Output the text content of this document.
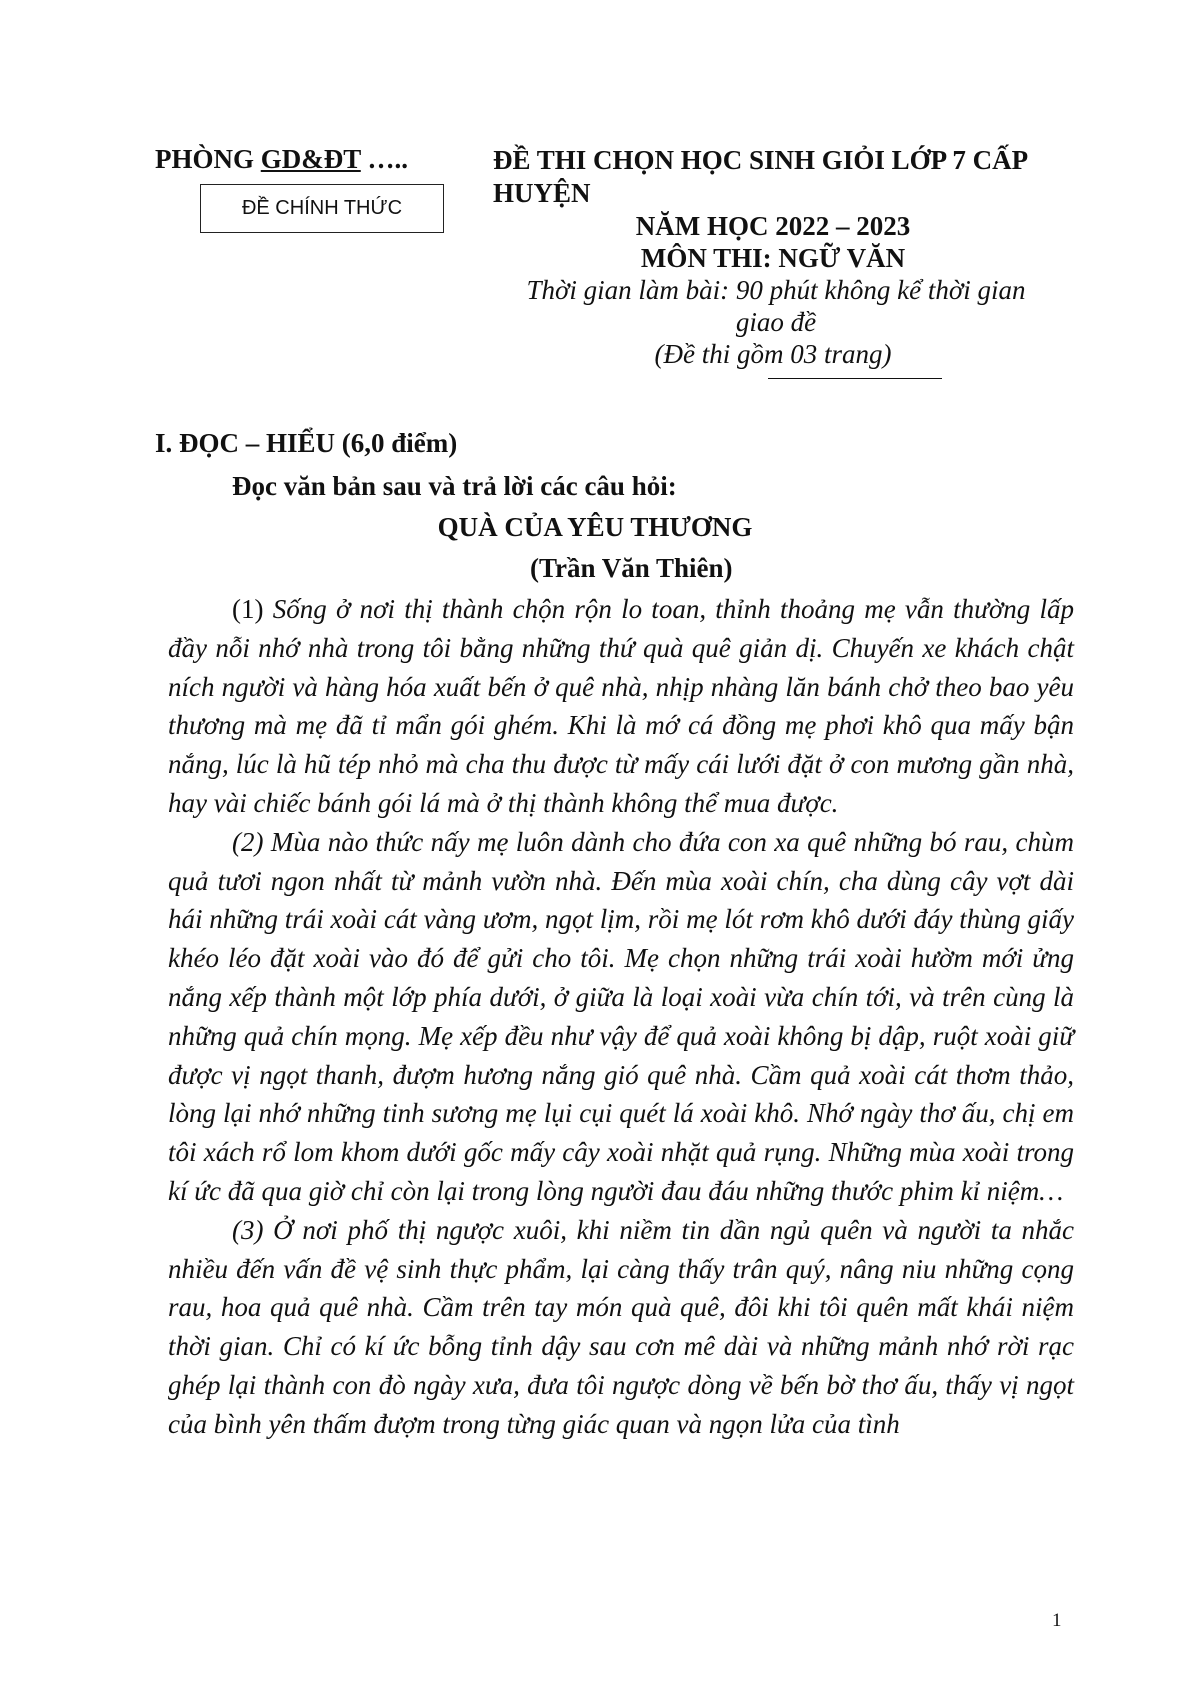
PHÒNG GD&ĐT …..
ĐỀ CHÍNH THỨC
ĐỀ THI CHỌN HỌC SINH GIỎI LỚP 7 CẤP HUYỆN
NĂM HỌC 2022 – 2023
MÔN THI: NGỮ VĂN
Thời gian làm bài: 90 phút không kể thời gian giao đề
(Đề thi gồm 03 trang)
I. ĐỌC – HIỂU (6,0 điểm)
Đọc văn bản sau và trả lời các câu hỏi:
QUÀ CỦA YÊU THƯƠNG
(Trần Văn Thiên)

(1) Sống ở nơi thị thành chộn rộn lo toan, thỉnh thoảng mẹ vẫn thường lấp đầy nỗi nhớ nhà trong tôi bằng những thứ quà quê giản dị. Chuyến xe khách chật ních người và hàng hóa xuất bến ở quê nhà, nhịp nhàng lăn bánh chở theo bao yêu thương mà mẹ đã tỉ mẩn gói ghém. Khi là mớ cá đồng mẹ phơi khô qua mấy bận nắng, lúc là hũ tép nhỏ mà cha thu được từ mấy cái lưới đặt ở con mương gần nhà, hay vài chiếc bánh gói lá mà ở thị thành không thể mua được.

(2) Mùa nào thức nấy mẹ luôn dành cho đứa con xa quê những bó rau, chùm quả tươi ngon nhất từ mảnh vườn nhà. Đến mùa xoài chín, cha dùng cây vợt dài hái những trái xoài cát vàng ươm, ngọt lịm, rồi mẹ lót rơm khô dưới đáy thùng giấy khéo léo đặt xoài vào đó để gửi cho tôi. Mẹ chọn những trái xoài hườm mới ửng nắng xếp thành một lớp phía dưới, ở giữa là loại xoài vừa chín tới, và trên cùng là những quả chín mọng. Mẹ xếp đều như vậy để quả xoài không bị dập, ruột xoài giữ được vị ngọt thanh, đượm hương nắng gió quê nhà. Cầm quả xoài cát thơm thảo, lòng lại nhớ những tinh sương mẹ lụi cụi quét lá xoài khô. Nhớ ngày thơ ấu, chị em tôi xách rổ lom khom dưới gốc mấy cây xoài nhặt quả rụng. Những mùa xoài trong kí ức đã qua giờ chỉ còn lại trong lòng người đau đáu những thước phim kỉ niệm…

(3) Ở nơi phố thị ngược xuôi, khi niềm tin dần ngủ quên và người ta nhắc nhiều đến vấn đề vệ sinh thực phẩm, lại càng thấy trân quý, nâng niu những cọng rau, hoa quả quê nhà. Cầm trên tay món quà quê, đôi khi tôi quên mất khái niệm thời gian. Chỉ có kí ức bỗng tỉnh dậy sau cơn mê dài và những mảnh nhớ rời rạc ghép lại thành con đò ngày xưa, đưa tôi ngược dòng về bến bờ thơ ấu, thấy vị ngọt của bình yên thấm đượm trong từng giác quan và ngọn lửa của tình

1
